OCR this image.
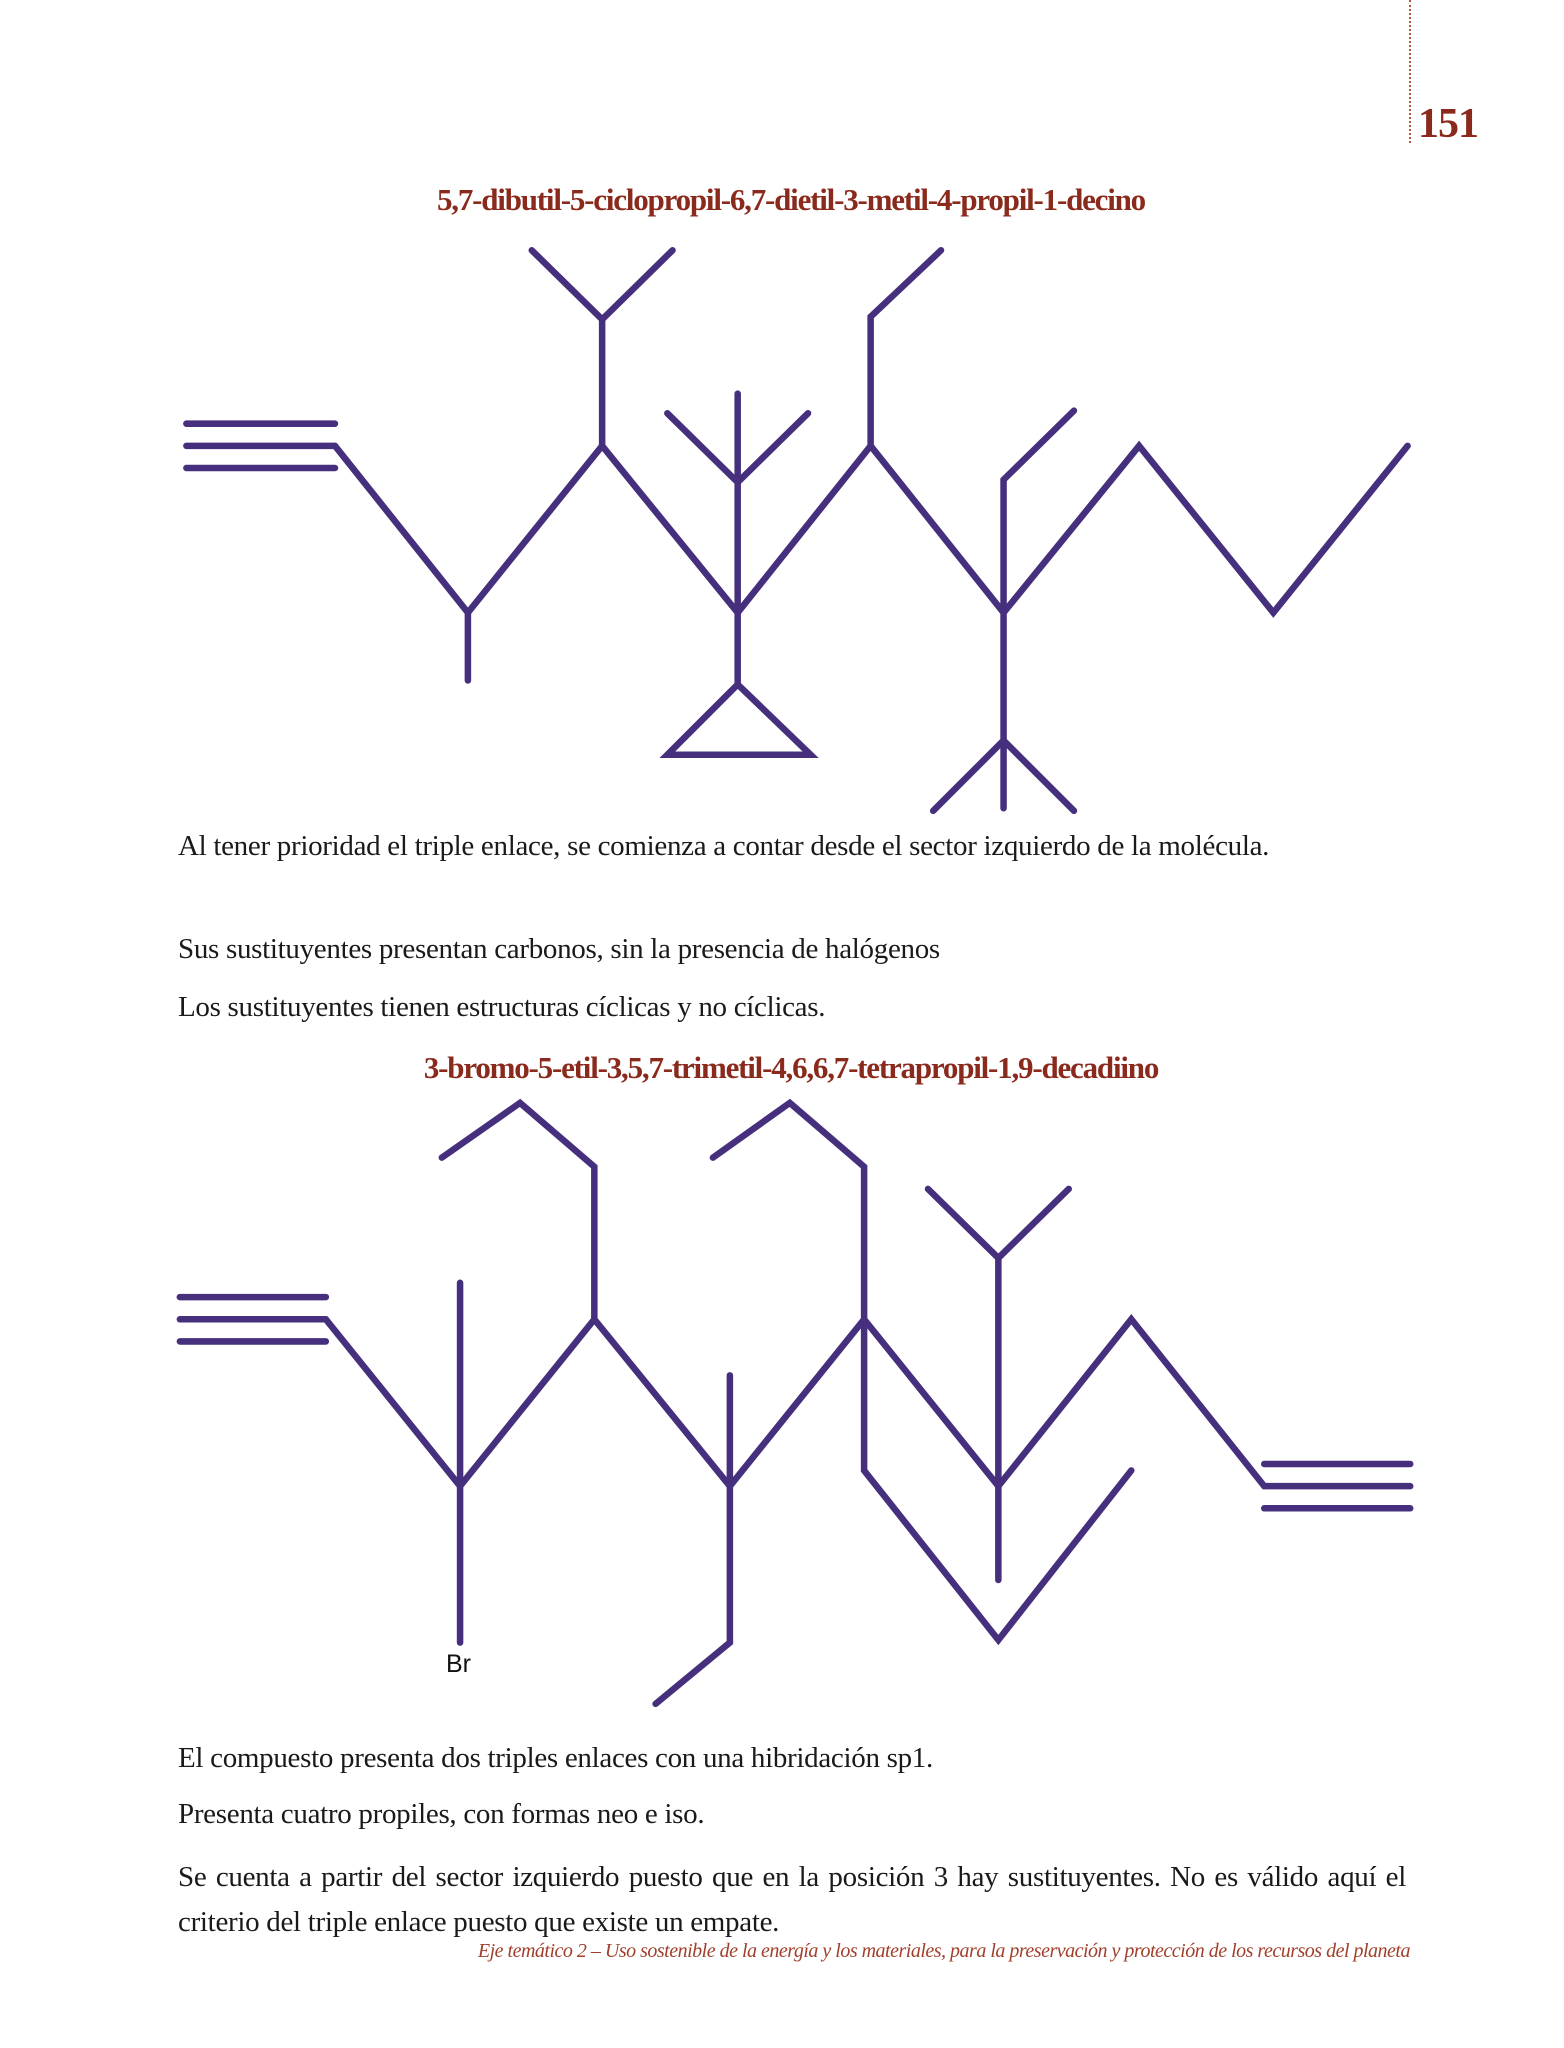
151
5,7-dibutil-5-ciclopropil-6,7-dietil-3-metil-4-propil-1-decino
Al tener prioridad el triple enlace, se comienza a contar desde el sector izquierdo de la molécula.
Sus sustituyentes presentan carbonos, sin la presencia de halógenos
Los sustituyentes tienen estructuras cíclicas y no cíclicas.
3-bromo-5-etil-3,5,7-trimetil-4,6,6,7-tetrapropil-1,9-decadiino
Br
El compuesto presenta dos triples enlaces con una hibridación sp1.
Presenta cuatro propiles, con formas neo e iso.
Se cuenta a partir del sector izquierdo puesto que en la posición 3 hay sustituyentes. No es válido aquí el criterio del triple enlace puesto que existe un empate.
Eje temático 2 – Uso sostenible de la energía y los materiales, para la preservación y protección de los recursos del planeta
